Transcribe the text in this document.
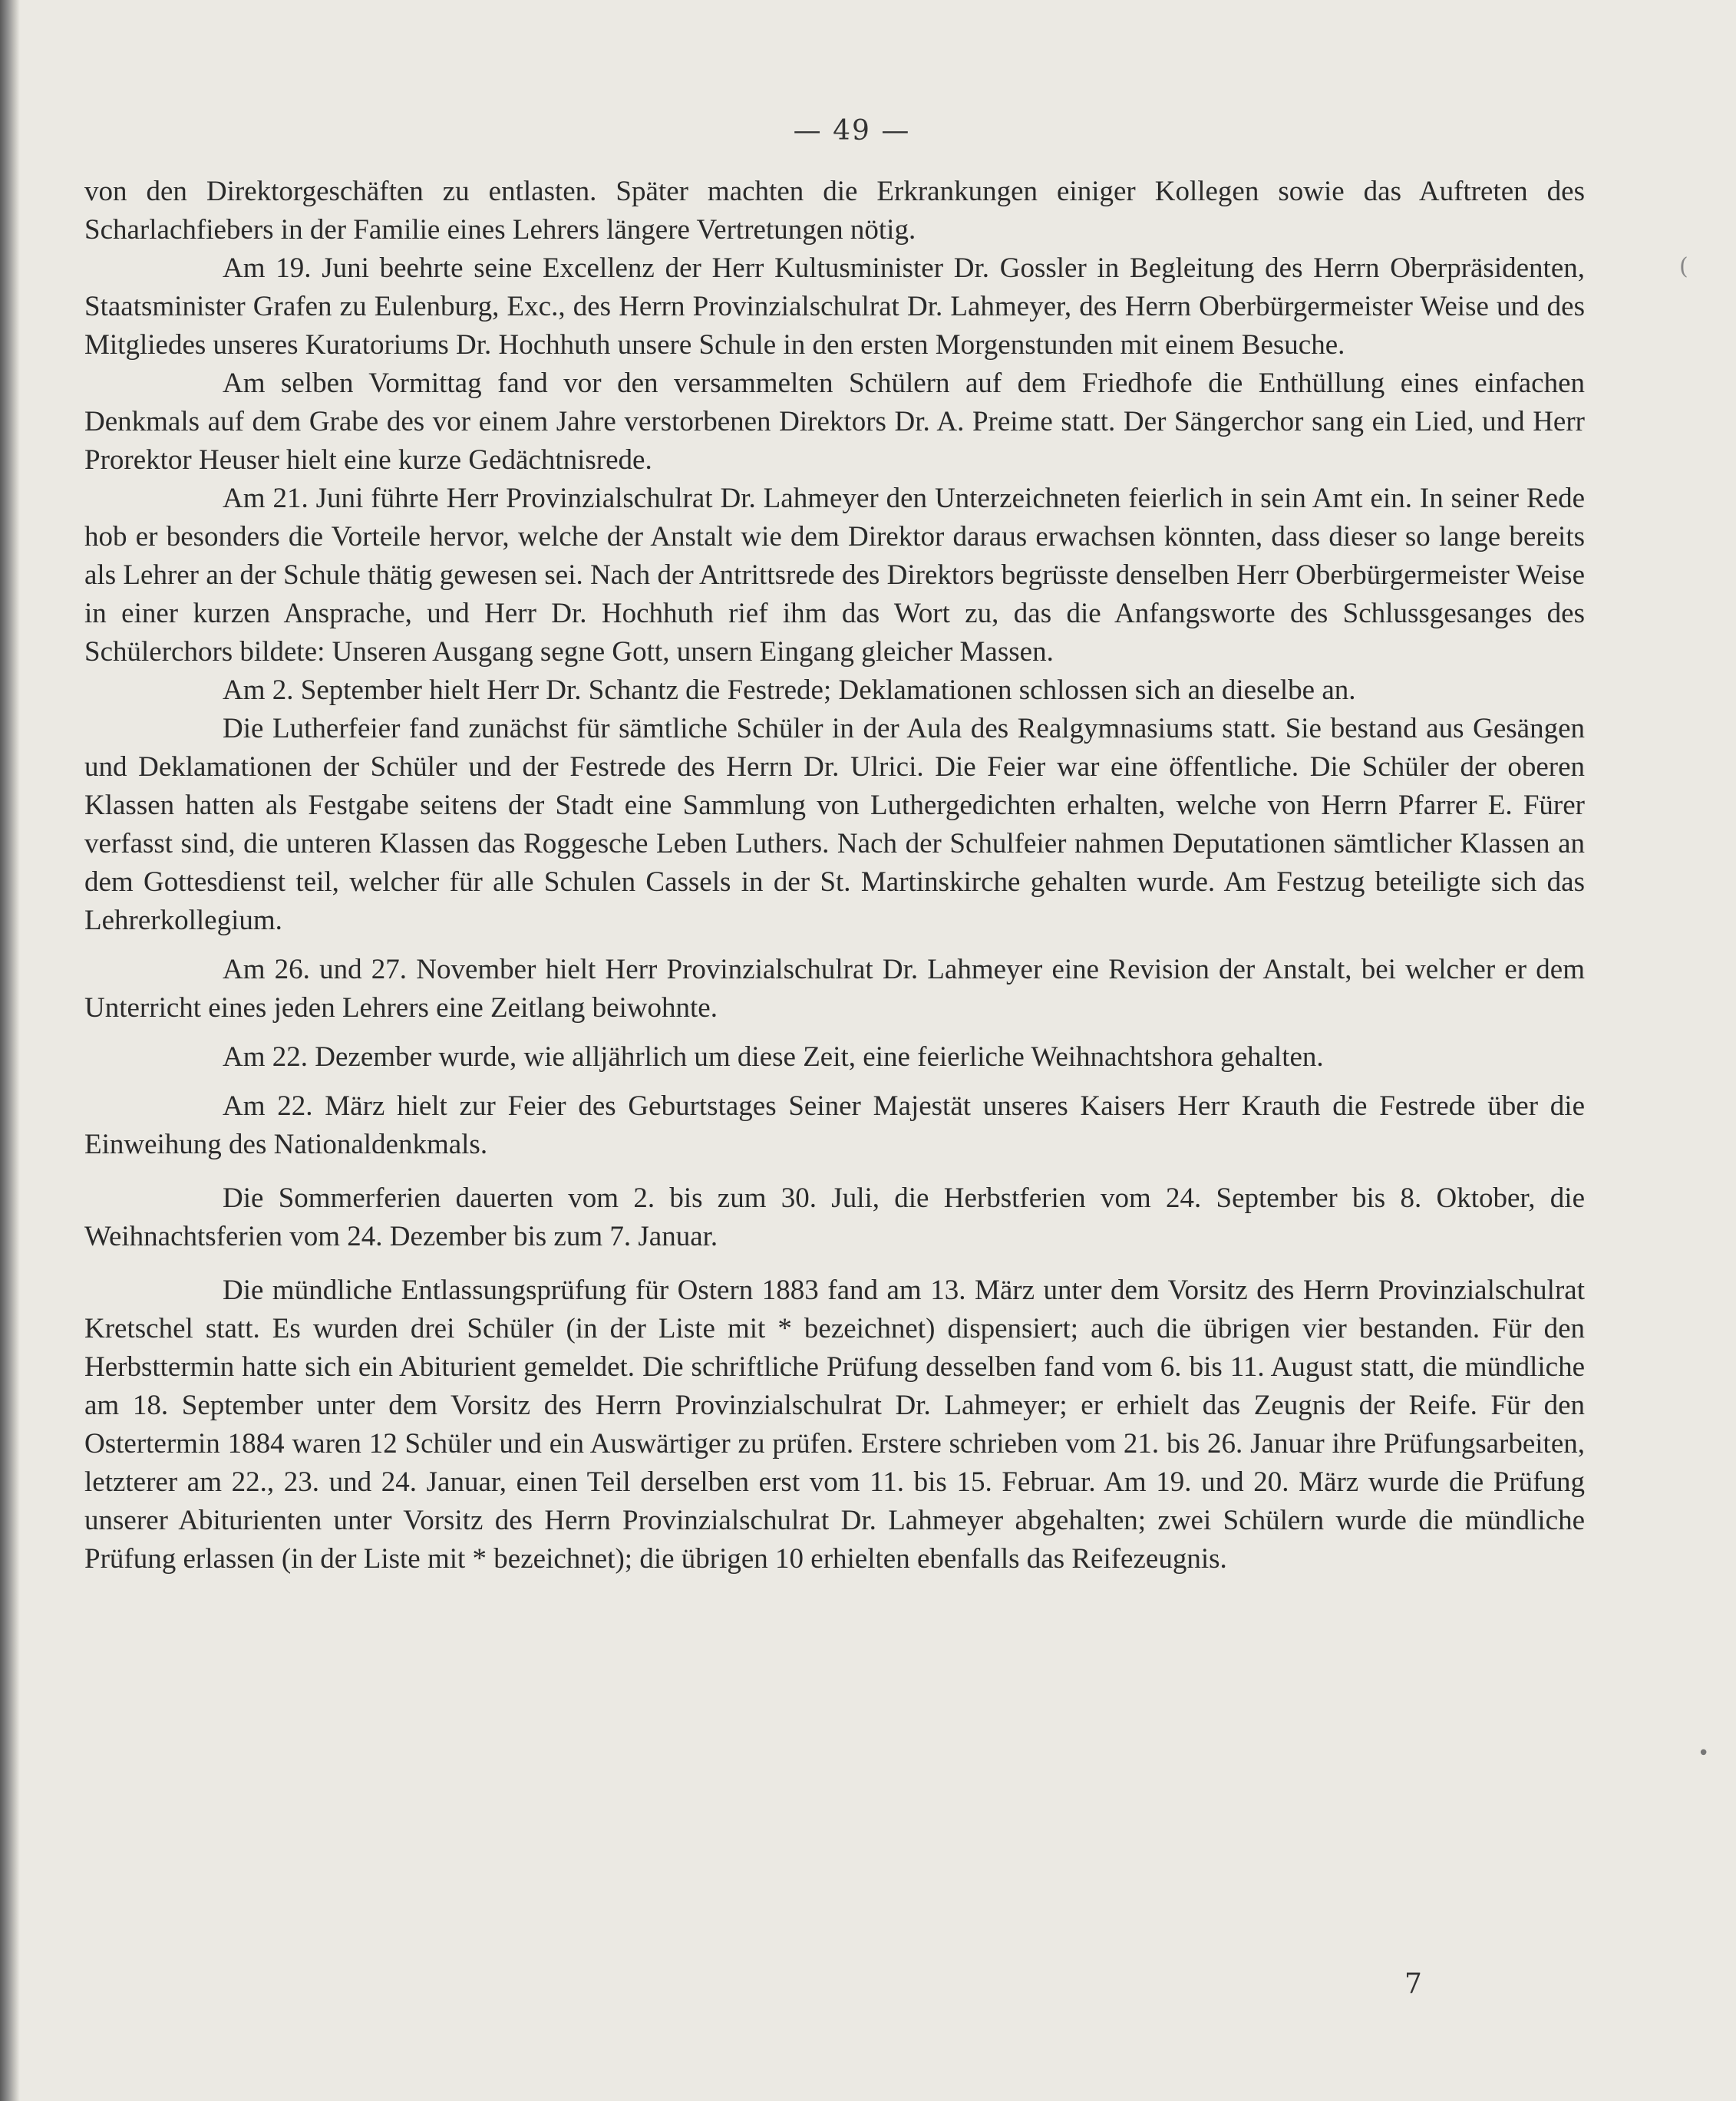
— 49 —
(

von den Direktorgeschäften zu entlasten. Später machten die Erkrankungen einiger Kollegen sowie das Auftreten des Scharlachfiebers in der Familie eines Lehrers längere Vertretungen nötig.

Am 19. Juni beehrte seine Excellenz der Herr Kultusminister Dr. Gossler in Begleitung des Herrn Oberpräsidenten, Staatsminister Grafen zu Eulenburg, Exc., des Herrn Provinzialschulrat Dr. Lahmeyer, des Herrn Oberbürgermeister Weise und des Mitgliedes unseres Kuratoriums Dr. Hochhuth unsere Schule in den ersten Morgenstunden mit einem Besuche.

Am selben Vormittag fand vor den versammelten Schülern auf dem Friedhofe die Enthüllung eines einfachen Denkmals auf dem Grabe des vor einem Jahre verstorbenen Direktors Dr. A. Preime statt. Der Sängerchor sang ein Lied, und Herr Prorektor Heuser hielt eine kurze Gedächtnisrede.

Am 21. Juni führte Herr Provinzialschulrat Dr. Lahmeyer den Unterzeichneten feierlich in sein Amt ein. In seiner Rede hob er besonders die Vorteile hervor, welche der Anstalt wie dem Direktor daraus erwachsen könnten, dass dieser so lange bereits als Lehrer an der Schule thätig gewesen sei. Nach der Antrittsrede des Direktors begrüsste denselben Herr Oberbürgermeister Weise in einer kurzen Ansprache, und Herr Dr. Hochhuth rief ihm das Wort zu, das die Anfangsworte des Schlussgesanges des Schülerchors bildete: Unseren Ausgang segne Gott, unsern Eingang gleicher Massen.

Am 2. September hielt Herr Dr. Schantz die Festrede; Deklamationen schlossen sich an dieselbe an.

Die Lutherfeier fand zunächst für sämtliche Schüler in der Aula des Realgymnasiums statt. Sie bestand aus Gesängen und Deklamationen der Schüler und der Festrede des Herrn Dr. Ulrici. Die Feier war eine öffentliche. Die Schüler der oberen Klassen hatten als Festgabe seitens der Stadt eine Sammlung von Luthergedichten erhalten, welche von Herrn Pfarrer E. Fürer verfasst sind, die unteren Klassen das Roggesche Leben Luthers. Nach der Schulfeier nahmen Deputationen sämtlicher Klassen an dem Gottesdienst teil, welcher für alle Schulen Cassels in der St. Martinskirche gehalten wurde. Am Festzug beteiligte sich das Lehrerkollegium.

Am 26. und 27. November hielt Herr Provinzialschulrat Dr. Lahmeyer eine Revision der Anstalt, bei welcher er dem Unterricht eines jeden Lehrers eine Zeitlang beiwohnte.

Am 22. Dezember wurde, wie alljährlich um diese Zeit, eine feierliche Weihnachtshora gehalten.

Am 22. März hielt zur Feier des Geburtstages Seiner Majestät unseres Kaisers Herr Krauth die Festrede über die Einweihung des Nationaldenkmals.

Die Sommerferien dauerten vom 2. bis zum 30. Juli, die Herbstferien vom 24. September bis 8. Oktober, die Weihnachtsferien vom 24. Dezember bis zum 7. Januar.

Die mündliche Entlassungsprüfung für Ostern 1883 fand am 13. März unter dem Vorsitz des Herrn Provinzialschulrat Kretschel statt. Es wurden drei Schüler (in der Liste mit * bezeichnet) dispensiert; auch die übrigen vier bestanden. Für den Herbsttermin hatte sich ein Abiturient gemeldet. Die schriftliche Prüfung desselben fand vom 6. bis 11. August statt, die mündliche am 18. September unter dem Vorsitz des Herrn Provinzialschulrat Dr. Lahmeyer; er erhielt das Zeugnis der Reife. Für den Ostertermin 1884 waren 12 Schüler und ein Auswärtiger zu prüfen. Erstere schrieben vom 21. bis 26. Januar ihre Prüfungsarbeiten, letzterer am 22., 23. und 24. Januar, einen Teil derselben erst vom 11. bis 15. Februar. Am 19. und 20. März wurde die Prüfung unserer Abiturienten unter Vorsitz des Herrn Provinzialschulrat Dr. Lahmeyer abgehalten; zwei Schülern wurde die mündliche Prüfung erlassen (in der Liste mit * bezeichnet); die übrigen 10 erhielten ebenfalls das Reifezeugnis.

7
•
